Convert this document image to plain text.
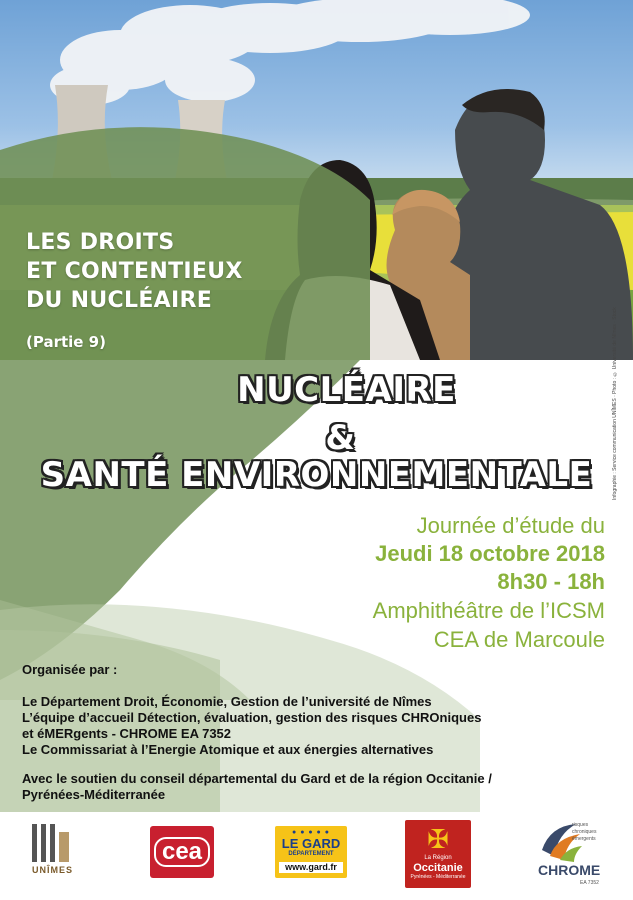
LES DROITS
ET CONTENTIEUX
DU NUCLÉAIRE
(Partie 9)
NUCLÉAIRE
&
SANTÉ ENVIRONNEMENTALE	Infographie : Service communication UNÎMES · Photo : © Université de Nîmes · Stock
Journée d’étude du
Jeudi 18 octobre 2018
8h30 - 18h
Amphithéâtre de l’ICSM
CEA de Marcoule
Organisée par :
Le Département Droit, Économie, Gestion de l’université de Nîmes
L’équipe d’accueil Détection, évaluation, gestion des risques CHROniques
et éMERgents - CHROME EA 7352
Le Commissariat à l’Energie Atomique et aux énergies alternatives
Avec le soutien du conseil départemental du Gard et de la région Occitanie /
Pyrénées-Méditerranée
UNÎMES
cea
● ● ● ● ●
LE GARD
DÉPARTEMENT
www.gard.fr
✠
La Région
Occitanie
Pyrénées - Méditerranée
risques chroniques émergents
CHROME
EA 7352
